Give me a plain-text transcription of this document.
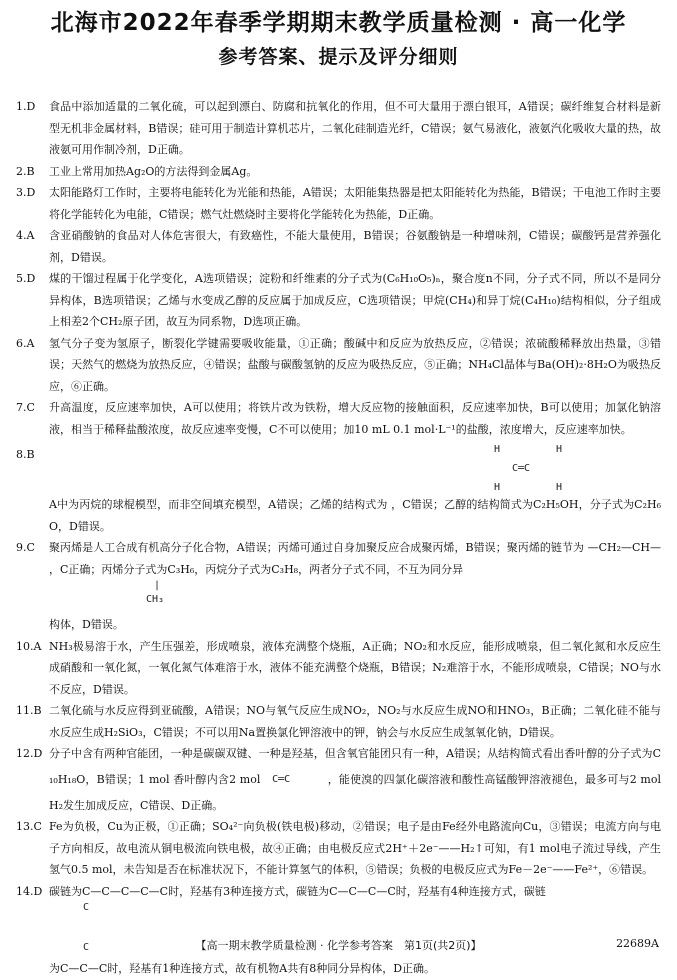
北海市2022年春季学期期末教学质量检测 · 高一化学
参考答案、提示及评分细则
1.D	食品中添加适量的二氧化硫，可以起到漂白、防腐和抗氧化的作用，但不可大量用于漂白银耳，A错误；碳纤维复合材料是新型无机非金属材料，B错误；硅可用于制造计算机芯片，二氧化硅制造光纤，C错误；氨气易液化，液氨汽化吸收大量的热，故液氨可用作制冷剂，D正确。
2.B	工业上常用加热Ag₂O的方法得到金属Ag。
3.D	太阳能路灯工作时，主要将电能转化为光能和热能，A错误；太阳能集热器是把太阳能转化为热能，B错误；干电池工作时主要将化学能转化为电能，C错误；燃气灶燃烧时主要将化学能转化为热能，D正确。
4.A	含亚硝酸钠的食品对人体危害很大，有致癌性，不能大量使用，B错误；谷氨酸钠是一种增味剂，C错误；碳酸钙是营养强化剂，D错误。
5.D	煤的干馏过程属于化学变化，A选项错误；淀粉和纤维素的分子式为(C₆H₁₀O₅)ₙ，聚合度n不同，分子式不同，所以不是同分异构体，B选项错误；乙烯与水变成乙醇的反应属于加成反应，C选项错误；甲烷(CH₄)和异丁烷(C₄H₁₀)结构相似，分子组成上相差2个CH₂原子团，故互为同系物，D选项正确。
6.A	氢气分子变为氢原子，断裂化学键需要吸收能量，①正确；酸碱中和反应为放热反应，②错误；浓硫酸稀释放出热量，③错误；天然气的燃烧为放热反应，④错误；盐酸与碳酸氢钠的反应为吸热反应，⑤正确；NH₄Cl晶体与Ba(OH)₂·8H₂O为吸热反应，⑥正确。
7.C	升高温度，反应速率加快，A可以使用；将铁片改为铁粉，增大反应物的接触面积，反应速率加快，B可以使用；加氯化钠溶液，相当于稀释盐酸浓度，故反应速率变慢，C不可以使用；加10 mL 0.1 mol·L⁻¹的盐酸，浓度增大，反应速率加快。
8.B	H	H
C═C
H	H
A中为丙烷的球棍模型，而非空间填充模型，A错误；乙烯的结构式为 ，C错误；乙醇的结构简式为C₂H₅OH，分子式为C₂H₆O，D错误。
9.C	聚丙烯是人工合成有机高分子化合物，A错误；丙烯可通过自身加聚反应合成聚丙烯，B错误；聚丙烯的链节为 —CH₂—CH— ，C正确；丙烯分子式为C₃H₆，丙烷分子式为C₃H₈，两者分子式不同，不互为同分异
|
CH₃
构体，D错误。
10.A NH₃极易溶于水，产生压强差，形成喷泉，液体充满整个烧瓶，A正确；NO₂和水反应，能形成喷泉，但二氧化氮和水反应生成硝酸和一氧化氮，一氧化氮气体难溶于水，液体不能充满整个烧瓶，B错误；N₂难溶于水，不能形成喷泉，C错误；NO与水不反应，D错误。
11.B 二氧化硫与水反应得到亚硫酸，A错误；NO与氧气反应生成NO₂，NO₂与水反应生成NO和HNO₃，B正确；二氧化硅不能与水反应生成H₂SiO₃，C错误；不可以用Na置换氯化钾溶液中的钾，钠会与水反应生成氢氧化钠，D错误。
12.D 分子中含有两种官能团，一种是碳碳双键、一种是羟基，但含氧官能团只有一种，A错误；从结构简式看出香叶醇的分子式为C₁₀H₁₈O，B错误；1 mol 香叶醇内含2 mol C═C	，能使溴的四氯化碳溶液和酸性高锰酸钾溶液褪色，最多可与2 mol H₂发生加成反应，C错误、D正确。
13.C Fe为负极，Cu为正极，①正确；SO₄²⁻向负极(铁电极)移动，②错误；电子是由Fe经外电路流向Cu，③错误；电流方向与电子方向相反，故电流从铜电极流向铁电极，故④正确；由电极反应式2H⁺＋2e⁻——H₂↑可知，有1 mol电子流过导线，产生氢气0.5 mol，未告知是否在标准状况下，不能计算氢气的体积，⑤错误；负极的电极反应式为Fe－2e⁻——Fe²⁺，⑥错误。
14.D 碳链为C—C—C—C—C时，羟基有3种连接方式，碳链为C—C—C—C时，羟基有4种连接方式，碳链
C
C
为C—C—C时，羟基有1种连接方式，故有机物A共有8种同分异构体，D正确。
【高一期末教学质量检测 · 化学参考答案　第1页(共2页)】	22689A
